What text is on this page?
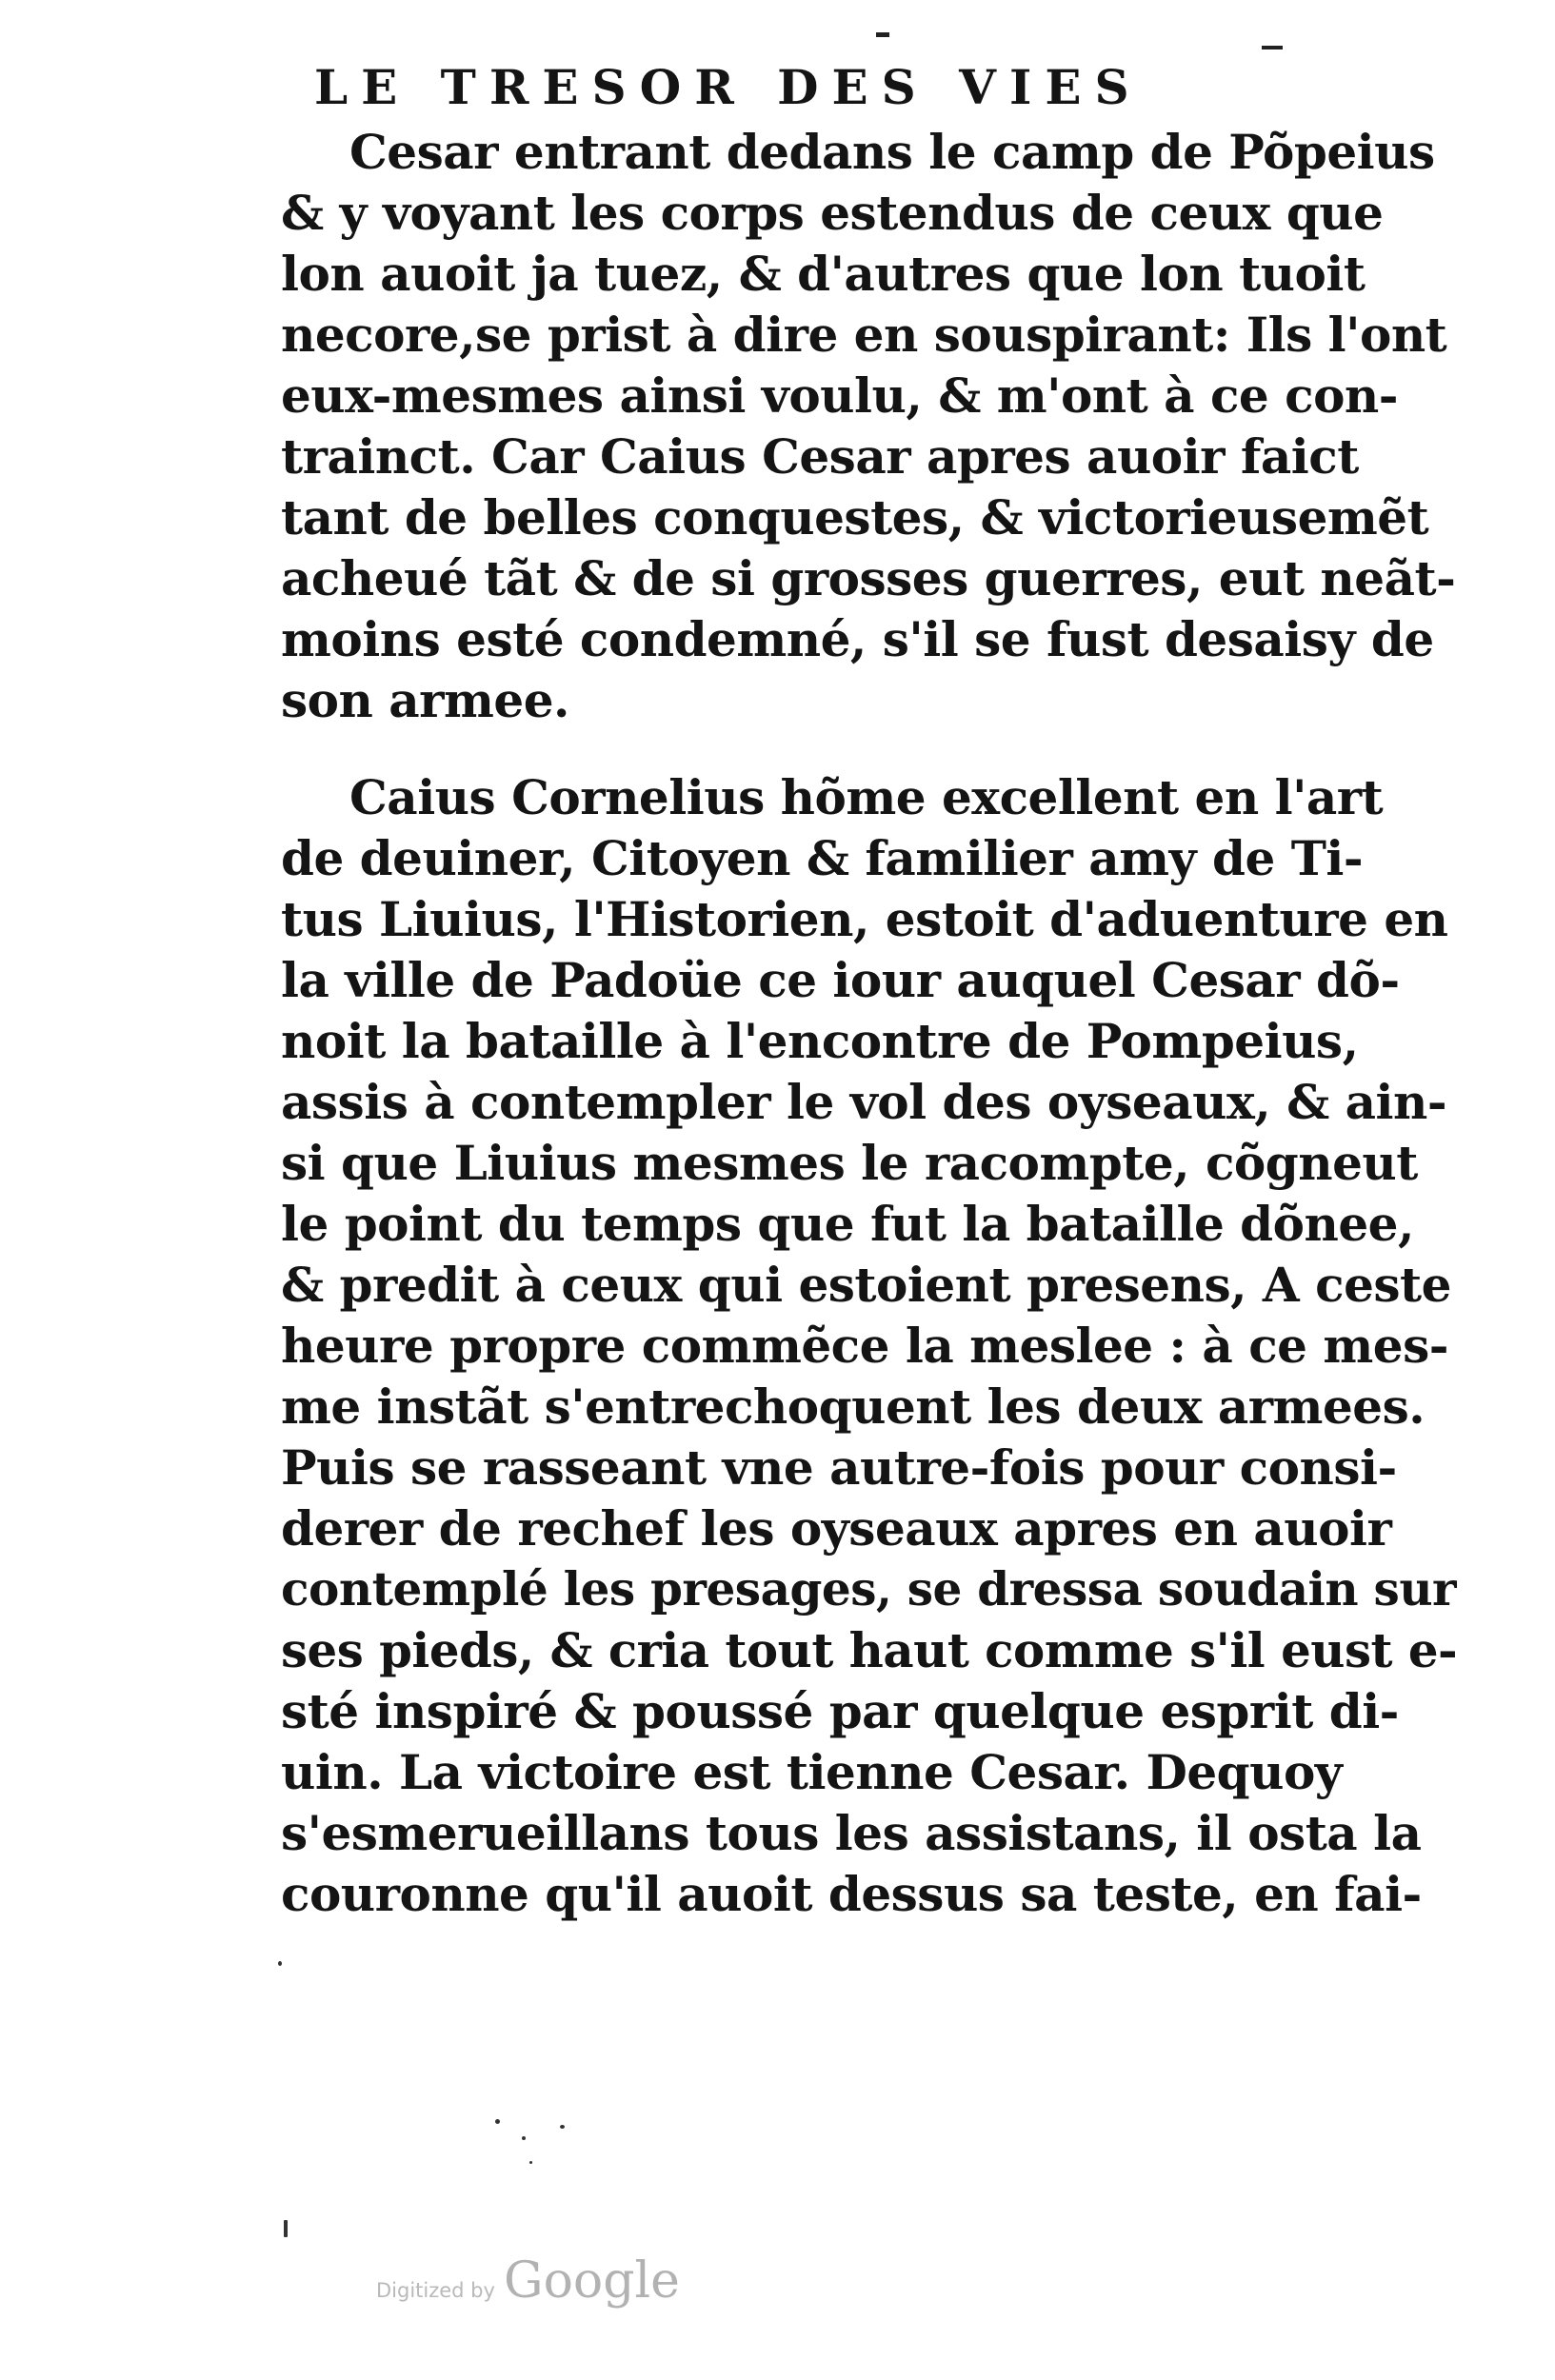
LE TRESOR DES VIES
Cesar entrant dedans le camp de Põpeius
& y voyant les corps estendus de ceux que
lon auoit ja tuez, & d'autres que lon tuoit
necore,se prist à dire en souspirant: Ils l'ont
eux-mesmes ainsi voulu, & m'ont à ce con-
trainct. Car Caius Cesar apres auoir faict
tant de belles conquestes, & victorieusemẽt
acheué tãt & de si grosses guerres, eut neãt-
moins esté condemné, s'il se fust desaisy de
son armee.
Caius Cornelius hõme excellent en l'art
de deuiner, Citoyen & familier amy de Ti-
tus Liuius, l'Historien, estoit d'aduenture en
la ville de Padoüe ce iour auquel Cesar dõ-
noit la bataille à l'encontre de Pompeius,
assis à contempler le vol des oyseaux, & ain-
si que Liuius mesmes le racompte, cõgneut
le point du temps que fut la bataille dõnee,
& predit à ceux qui estoient presens, A ceste
heure propre commẽce la meslee : à ce mes-
me instãt s'entrechoquent les deux armees.
Puis se rasseant vne autre-fois pour consi-
derer de rechef les oyseaux apres en auoir
contemplé les presages, se dressa soudain sur
ses pieds, & cria tout haut comme s'il eust e-
sté inspiré & poussé par quelque esprit di-
uin. La victoire est tienne Cesar. Dequoy
s'esmerueillans tous les assistans, il osta la
couronne qu'il auoit dessus sa teste, en fai-
Digitized by Google
